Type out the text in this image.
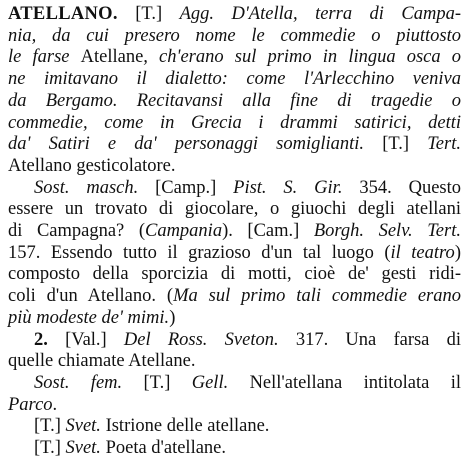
ATELLANO. [T.] Agg. D'Atella, terra di Campa-
nia, da cui presero nome le commedie o piuttosto
le farse Atellane, ch'erano sul primo in lingua osca o
ne imitavano il dialetto: come l'Arlecchino veniva
da Bergamo. Recitavansi alla fine di tragedie o
commedie, come in Grecia i drammi satirici, detti
da' Satiri e da' personaggi somiglianti. [T.] Tert.
Atellano gesticolatore.
Sost. masch. [Camp.] Pist. S. Gir. 354. Questo
essere un trovato di giocolare, o giuochi degli atellani
di Campagna? (Campania). [Cam.] Borgh. Selv. Tert.
157. Essendo tutto il grazioso d'un tal luogo (il teatro)
composto della sporcizia di motti, cioè de' gesti ridi-
coli d'un Atellano. (Ma sul primo tali commedie erano
più modeste de' mimi.)
2. [Val.] Del Ross. Sveton. 317. Una farsa di
quelle chiamate Atellane.
Sost. fem. [T.] Gell. Nell'atellana intitolata il
Parco.
[T.] Svet. Istrione delle atellane.
[T.] Svet. Poeta d'atellane.
